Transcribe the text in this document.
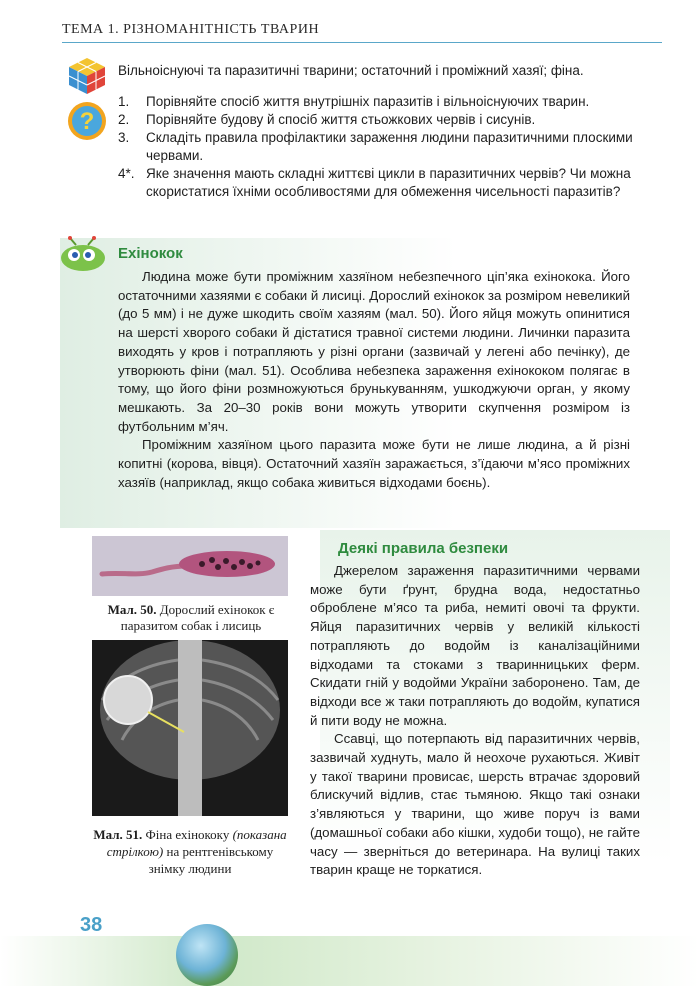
ТЕМА 1. РІЗНОМАНІТНІСТЬ ТВАРИН
Вільноіснуючі та паразитичні тварини; остаточний і проміжний хазяї; фіна.
?
1. Порівняйте спосіб життя внутрішніх паразитів і вільноіснуючих тварин.
2. Порівняйте будову й спосіб життя стьожкових червів і сисунів.
3. Складіть правила профілактики зараження людини паразитичними плоскими червами.
4*. Яке значення мають складні життєві цикли в паразитичних червів? Чи можна скористатися їхніми особливостями для обмеження чисельності паразитів?
Ехінокок

Людина може бути проміжним хазяїном небезпечного ціп’яка ехінокока. Його остаточними хазяями є собаки й лисиці. Дорослий ехінокок за розміром невеликий (до 5 мм) і не дуже шкодить своїм хазяям (мал. 50). Його яйця можуть опинитися на шерсті хворого собаки й дістатися травної системи людини. Личинки паразита виходять у кров і потрапляють у різні органи (зазвичай у легені або печінку), де утворюють фіни (мал. 51). Особлива небезпека зараження ехінококом полягає в тому, що його фіни розмножуються брунькуванням, ушкоджуючи орган, у якому мешкають. За 20–30 років вони можуть утворити скупчення розміром із футбольним м’яч.

Проміжним хазяїном цього паразита може бути не лише людина, а й різні копитні (корова, вівця). Остаточний хазяїн заражається, з’їдаючи м’ясо проміжних хазяїв (наприклад, якщо собака живиться відходами боєнь).

Мал. 50. Дорослий ехінокок є паразитом собак і лисиць
Мал. 51. Фіна ехінококу (показана стрілкою) на рентгенівському знімку людини
Деякі правила безпеки

Джерелом зараження паразитичними червами може бути ґрунт, брудна вода, недостатньо оброблене м’ясо та риба, немиті овочі та фрукти. Яйця паразитичних червів у великій кількості потрапляють до водойм із каналізаційними відходами та стоками з тваринницьких ферм. Скидати гній у водойми України заборонено. Там, де відходи все ж таки потрапляють до водойм, купатися й пити воду не можна.

Ссавці, що потерпають від паразитичних червів, зазвичай худнуть, мало й неохоче рухаються. Живіт у такої тварини провисає, шерсть втрачає здоровий блискучий відлив, стає тьмяною. Якщо такі ознаки з’являються у тварини, що живе поруч із вами (домашньої собаки або кішки, худоби тощо), не гайте часу — зверніться до ветеринара. На вулиці таких тварин краще не торкатися.

38
